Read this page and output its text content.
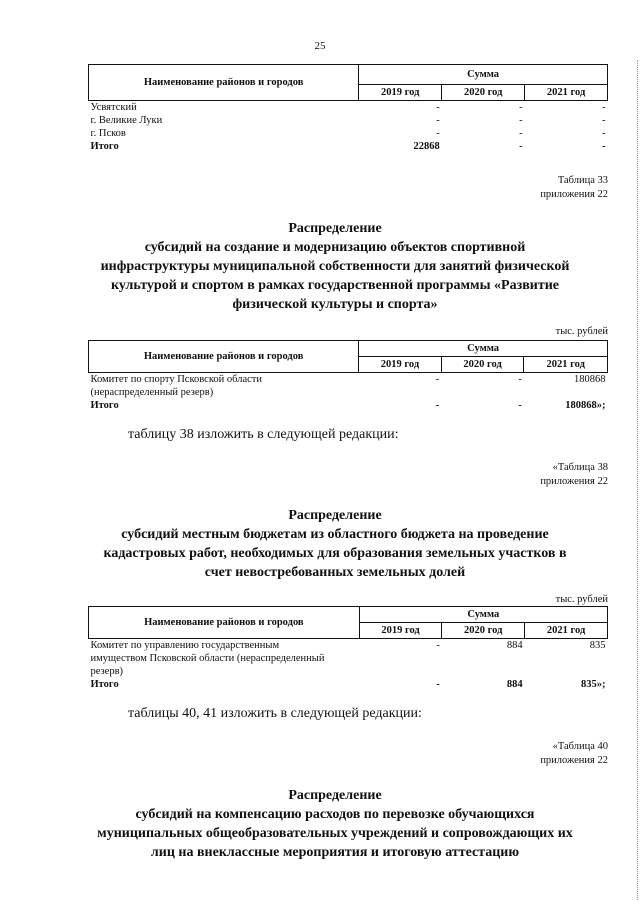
25
Наименование районов и городов	Сумма		
	2019 год	2020 год	2021 год
Усвятский	-	-	-
г. Великие Луки	-	-	-
г. Псков	-	-	-
Итого	22868	-	-
Таблица 33
приложения 22
Распределение
субсидий на создание и модернизацию объектов спортивной
инфраструктуры муниципальной собственности для занятий физической
культурой и спортом в рамках государственной программы «Развитие
физической культуры и спорта»
тыс. рублей
Наименование районов и городов	Сумма		
	2019 год	2020 год	2021 год

Комитет по спорту Псковской области
(нераспределенный резерв)	-	-	180868
Итого	-	-	180868»;
таблицу 38 изложить в следующей редакции:
«Таблица 38
приложения 22
Распределение
субсидий местным бюджетам из областного бюджета на проведение
кадастровых работ, необходимых для образования земельных участков в
счет невостребованных земельных долей
тыс. рублей
Наименование районов и городов	Сумма		
	2019 год	2020 год	2021 год

Комитет по управлению государственным
имуществом Псковской области (нераспределенный
резерв)	-	884	835
Итого	-	884	835»;
таблицы 40, 41 изложить в следующей редакции:
«Таблица 40
приложения 22
Распределение
субсидий на компенсацию расходов по перевозке обучающихся
муниципальных общеобразовательных учреждений и сопровождающих их
лиц на внеклассные мероприятия и итоговую аттестацию
